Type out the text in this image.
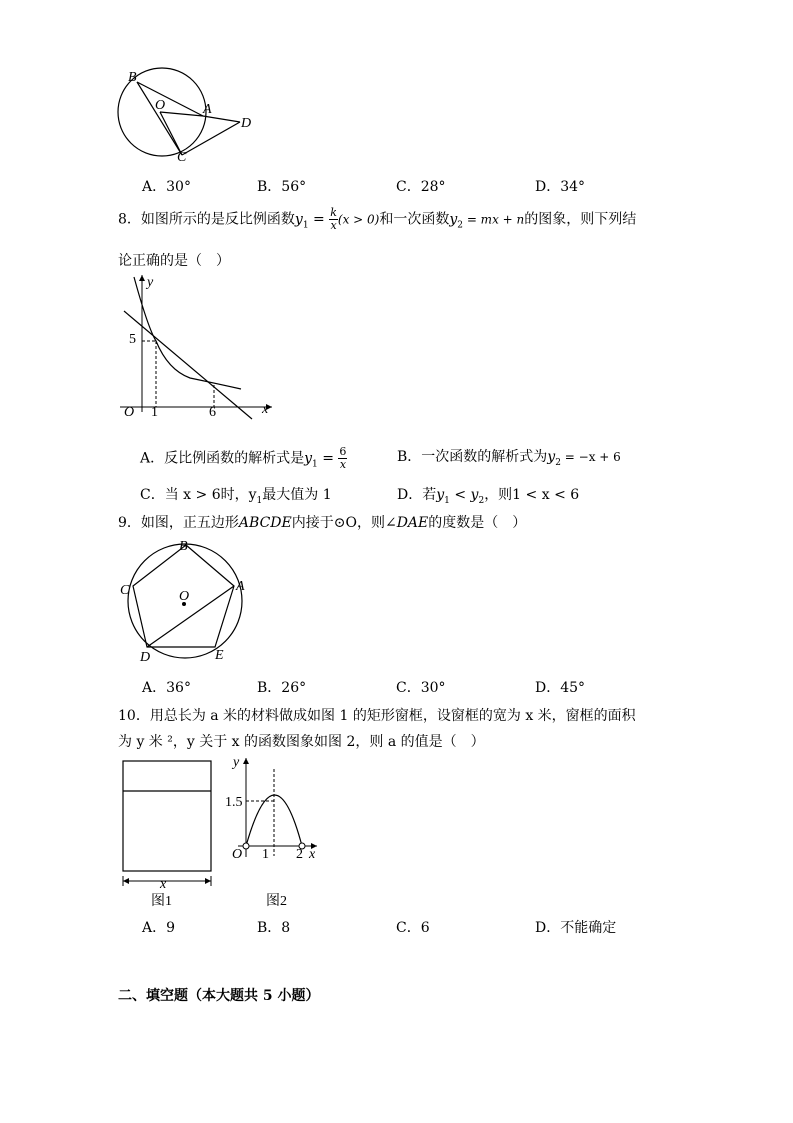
B
O	A
D
C
A．30°	B．56°	C．28°	D．34°
8．如图所示的是反比例函数$y_1 = \frac{k}{x} (x > 0)$和一次函数$y_2$ = mx + n的图象，则下列结
论正确的是（　）
y
x
O
5
1	6
A．反比例函数的解析式是$y_1 = \frac{6}{x}$	B．一次函数的解析式为$y_2 = -x + 6$
C．当 x > 6时，$y_1$最大值为 1	D．若$y_1 < y_2$，则1 < x < 6
9．如图，正五边形ABCDE内接于⊙O，则∠DAE的度数是（　）
B
C	A
O
D	E
A．36°	B．26°	C．30°	D．45°
10．用总长为 a 米的材料做成如图 1 的矩形窗框，设窗框的宽为 x 米，窗框的面积
为 y 米 ²，y 关于 x 的函数图象如图 2，则 a 的值是（　）
x
图1
y
1.5
O 1 2 x
图2
A．9	B．8	C．6	D．不能确定
二、填空题（本大题共 5 小题）
